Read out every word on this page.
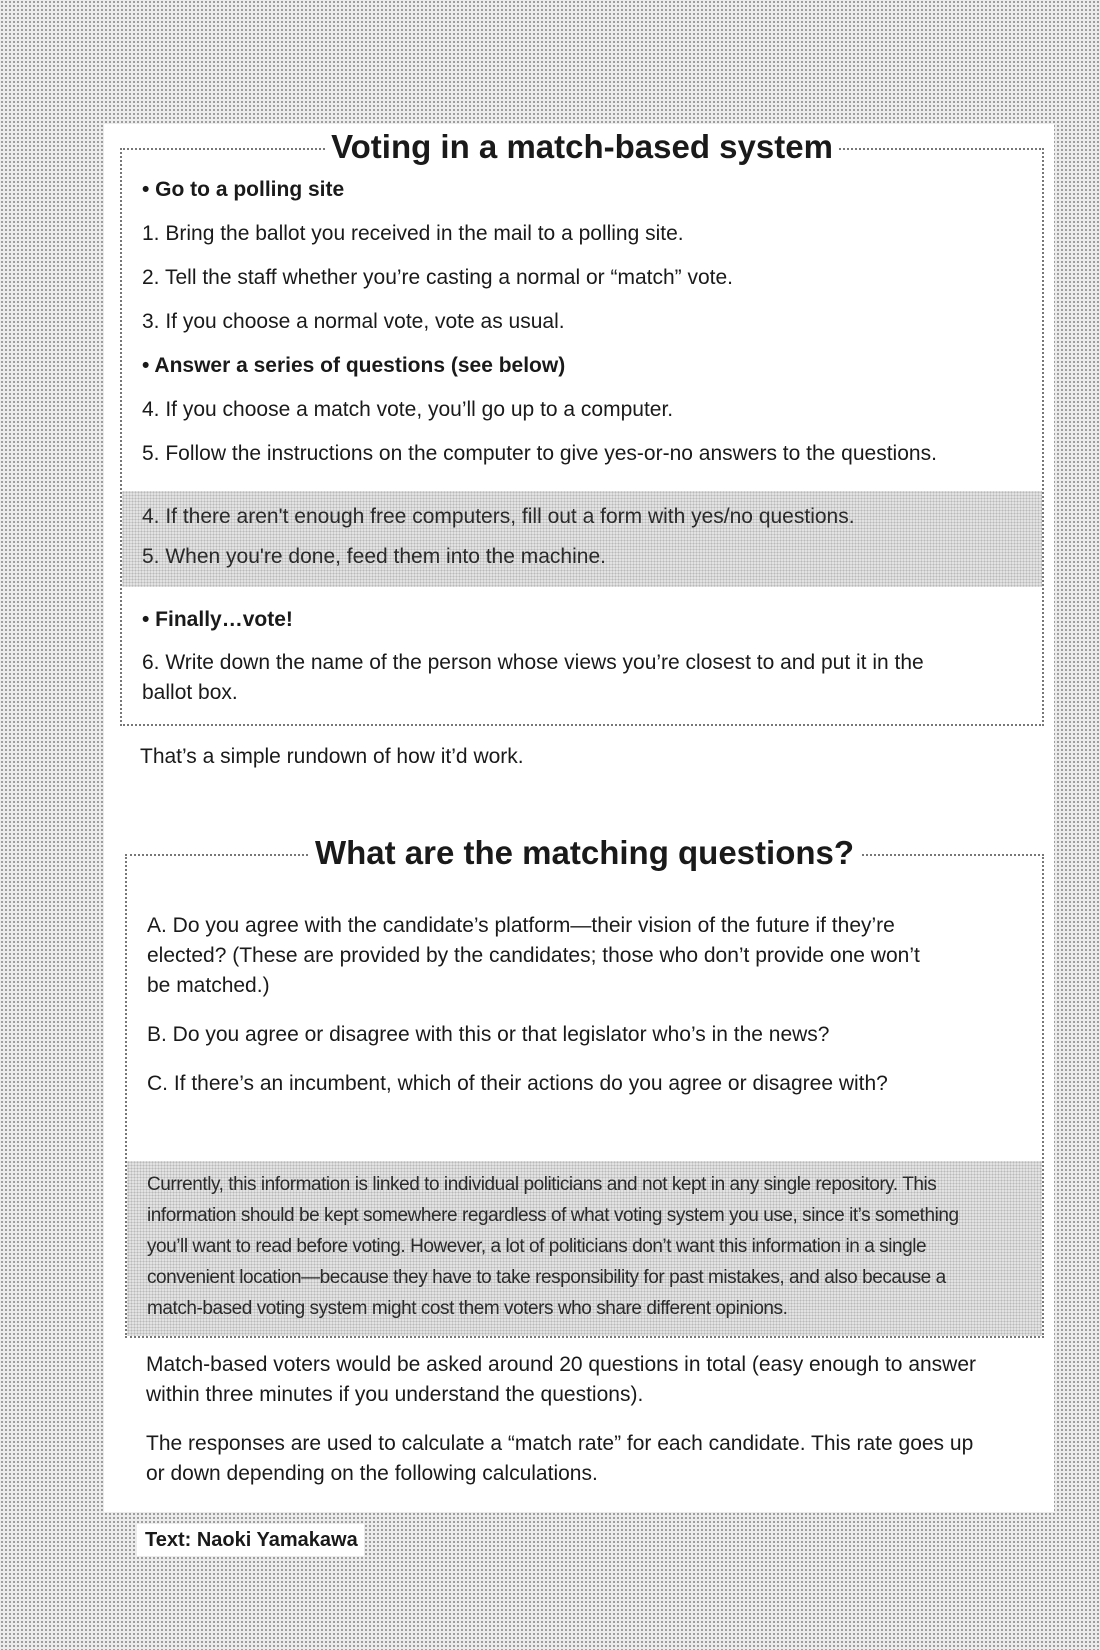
Voting in a match-based system
• Go to a polling site
1. Bring the ballot you received in the mail to a polling site.
2. Tell the staff whether you’re casting a normal or “match” vote.
3. If you choose a normal vote, vote as usual.
• Answer a series of questions (see below)
4. If you choose a match vote, you’ll go up to a computer.
5. Follow the instructions on the computer to give yes-or-no answers to the questions.
4. If there aren't enough free computers, fill out a form with yes/no questions.
5. When you're done, feed them into the machine.
• Finally…vote!
6. Write down the name of the person whose views you’re closest to and put it in the
ballot box.
That’s a simple rundown of how it’d work.
What are the matching questions?
A. Do you agree with the candidate’s platform—their vision of the future if they’re
elected? (These are provided by the candidates; those who don’t provide one won’t
be matched.)
B. Do you agree or disagree with this or that legislator who’s in the news?
C. If there’s an incumbent, which of their actions do you agree or disagree with?
Currently, this information is linked to individual politicians and not kept in any single repository. This
information should be kept somewhere regardless of what voting system you use, since it’s something
you’ll want to read before voting. However, a lot of politicians don’t want this information in a single
convenient location—because they have to take responsibility for past mistakes, and also because a
match-based voting system might cost them voters who share different opinions.
Match-based voters would be asked around 20 questions in total (easy enough to answer
within three minutes if you understand the questions).
The responses are used to calculate a “match rate” for each candidate. This rate goes up
or down depending on the following calculations.
Text: Naoki Yamakawa
